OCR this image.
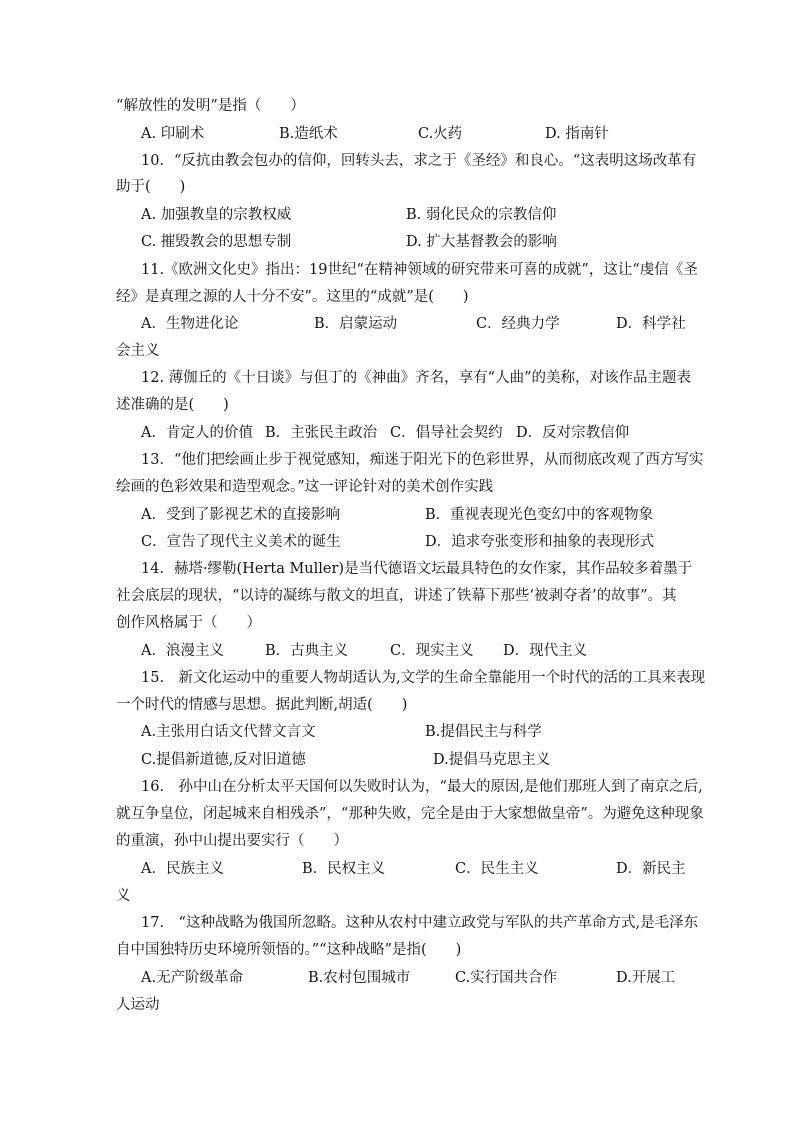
“解放性的发明”是指（　　）
A. 印刷术	B.造纸术	C.火药	D. 指南针
10．“反抗由教会包办的信仰，回转头去，求之于《圣经》和良心。“这表明这场改革有
助于(　　)
A. 加强教皇的宗教权威	B. 弱化民众的宗教信仰
C. 摧毁教会的思想专制	D. 扩大基督教会的影响
11.《欧洲文化史》指出：19世纪“在精神领域的研究带来可喜的成就”，这让“虔信《圣
经》是真理之源的人十分不安”。这里的“成就”是(　　)
A．生物进化论	B．启蒙运动	C．经典力学	D．科学社
会主义
12. 薄伽丘的《十日谈》与但丁的《神曲》齐名，享有“人曲”的美称，对该作品主题表
述准确的是(　　)
A．肯定人的价值 B．主张民主政治 C．倡导社会契约 D．反对宗教信仰
13．“他们把绘画止步于视觉感知，痴迷于阳光下的色彩世界，从而彻底改观了西方写实
绘画的色彩效果和造型观念。”这一评论针对的美术创作实践
A．受到了影视艺术的直接影响	B．重视表现光色变幻中的客观物象
C．宣告了现代主义美术的诞生	D．追求夸张变形和抽象的表现形式
14．赫塔·缪勒(Herta Muller)是当代德语文坛最具特色的女作家，其作品较多着墨于
社会底层的现状，“以诗的凝练与散文的坦直，讲述了铁幕下那些‘被剥夺者’的故事”。其
创作风格属于（　　）
A．浪漫主义	B．古典主义	C．现实主义 D．现代主义
15.　新文化运动中的重要人物胡适认为,文学的生命全靠能用一个时代的活的工具来表现
一个时代的情感与思想。据此判断,胡适(　　)
A.主张用白话文代替文言文	B.提倡民主与科学
C.提倡新道德,反对旧道德	D.提倡马克思主义
16.　孙中山在分析太平天国何以失败时认为，“最大的原因,是他们那班人到了南京之后,
就互争皇位，闭起城来自相残杀”，“那种失败，完全是由于大家想做皇帝”。为避免这种现象
的重演，孙中山提出要实行（　　）
A．民族主义	B．民权主义	C．民生主义	D．新民主
义
17.　“这种战略为俄国所忽略。这种从农村中建立政党与军队的共产革命方式,是毛泽东
自中国独特历史环境所领悟的。”“这种战略”是指(　　)
A.无产阶级革命	B.农村包围城市	C.实行国共合作	D.开展工
人运动
